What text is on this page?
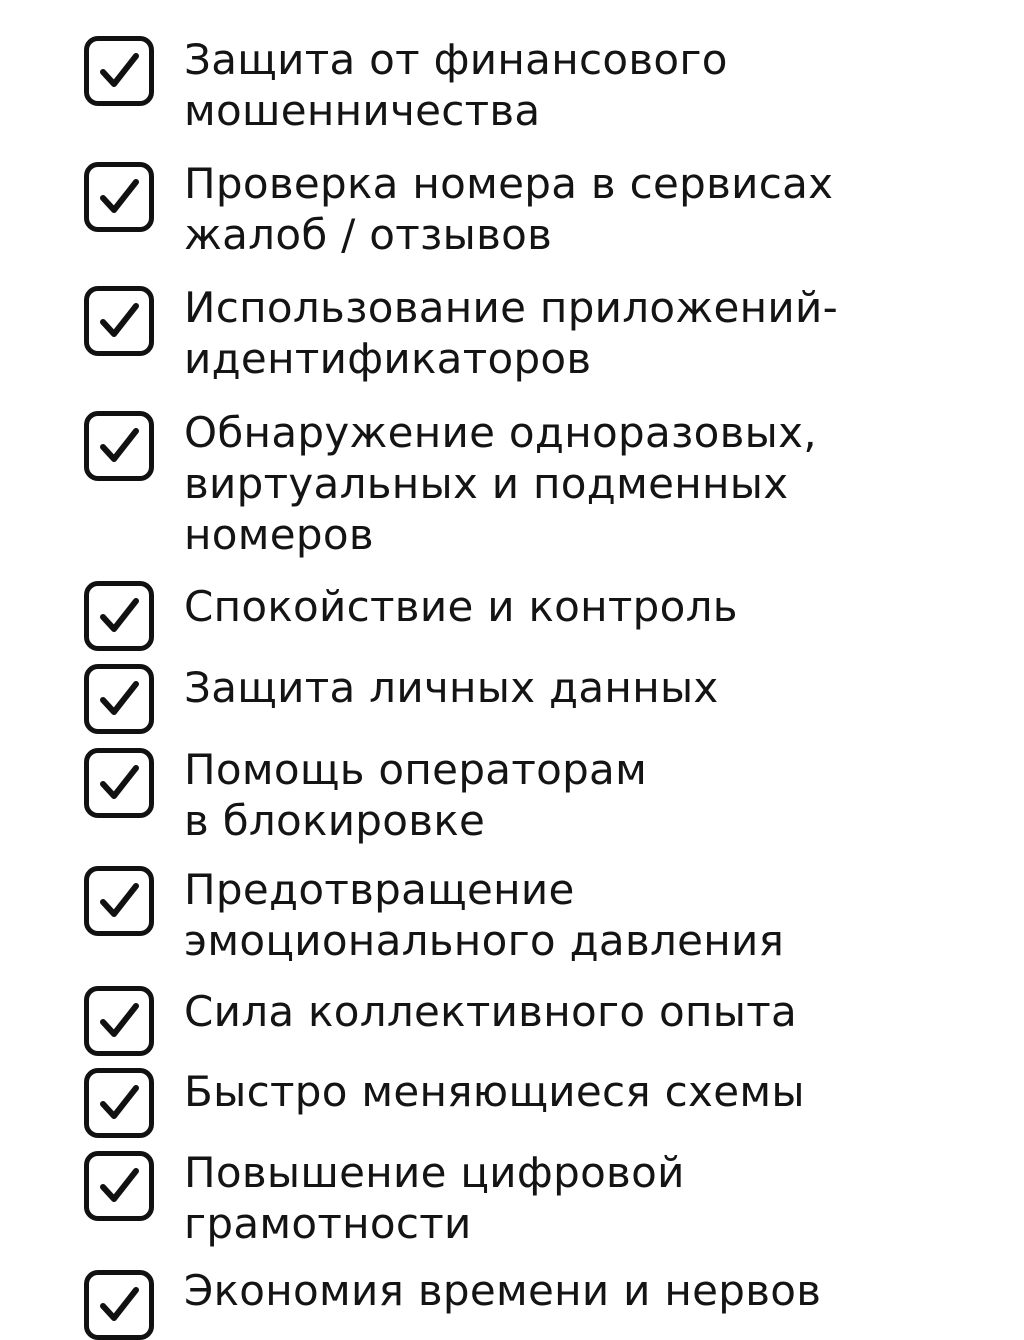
Защита от финансового
мошенничества
Проверка номера в сервисах
жалоб / отзывов
Использование приложений-
идентификаторов
Обнаружение одноразовых,
виртуальных и подменных
номеров
Спокойствие и контроль
Защита личных данных
Помощь операторам
в блокировке
Предотвращение
эмоционального давления
Сила коллективного опыта
Быстро меняющиеся схемы
Повышение цифровой
грамотности
Экономия времени и нервов
